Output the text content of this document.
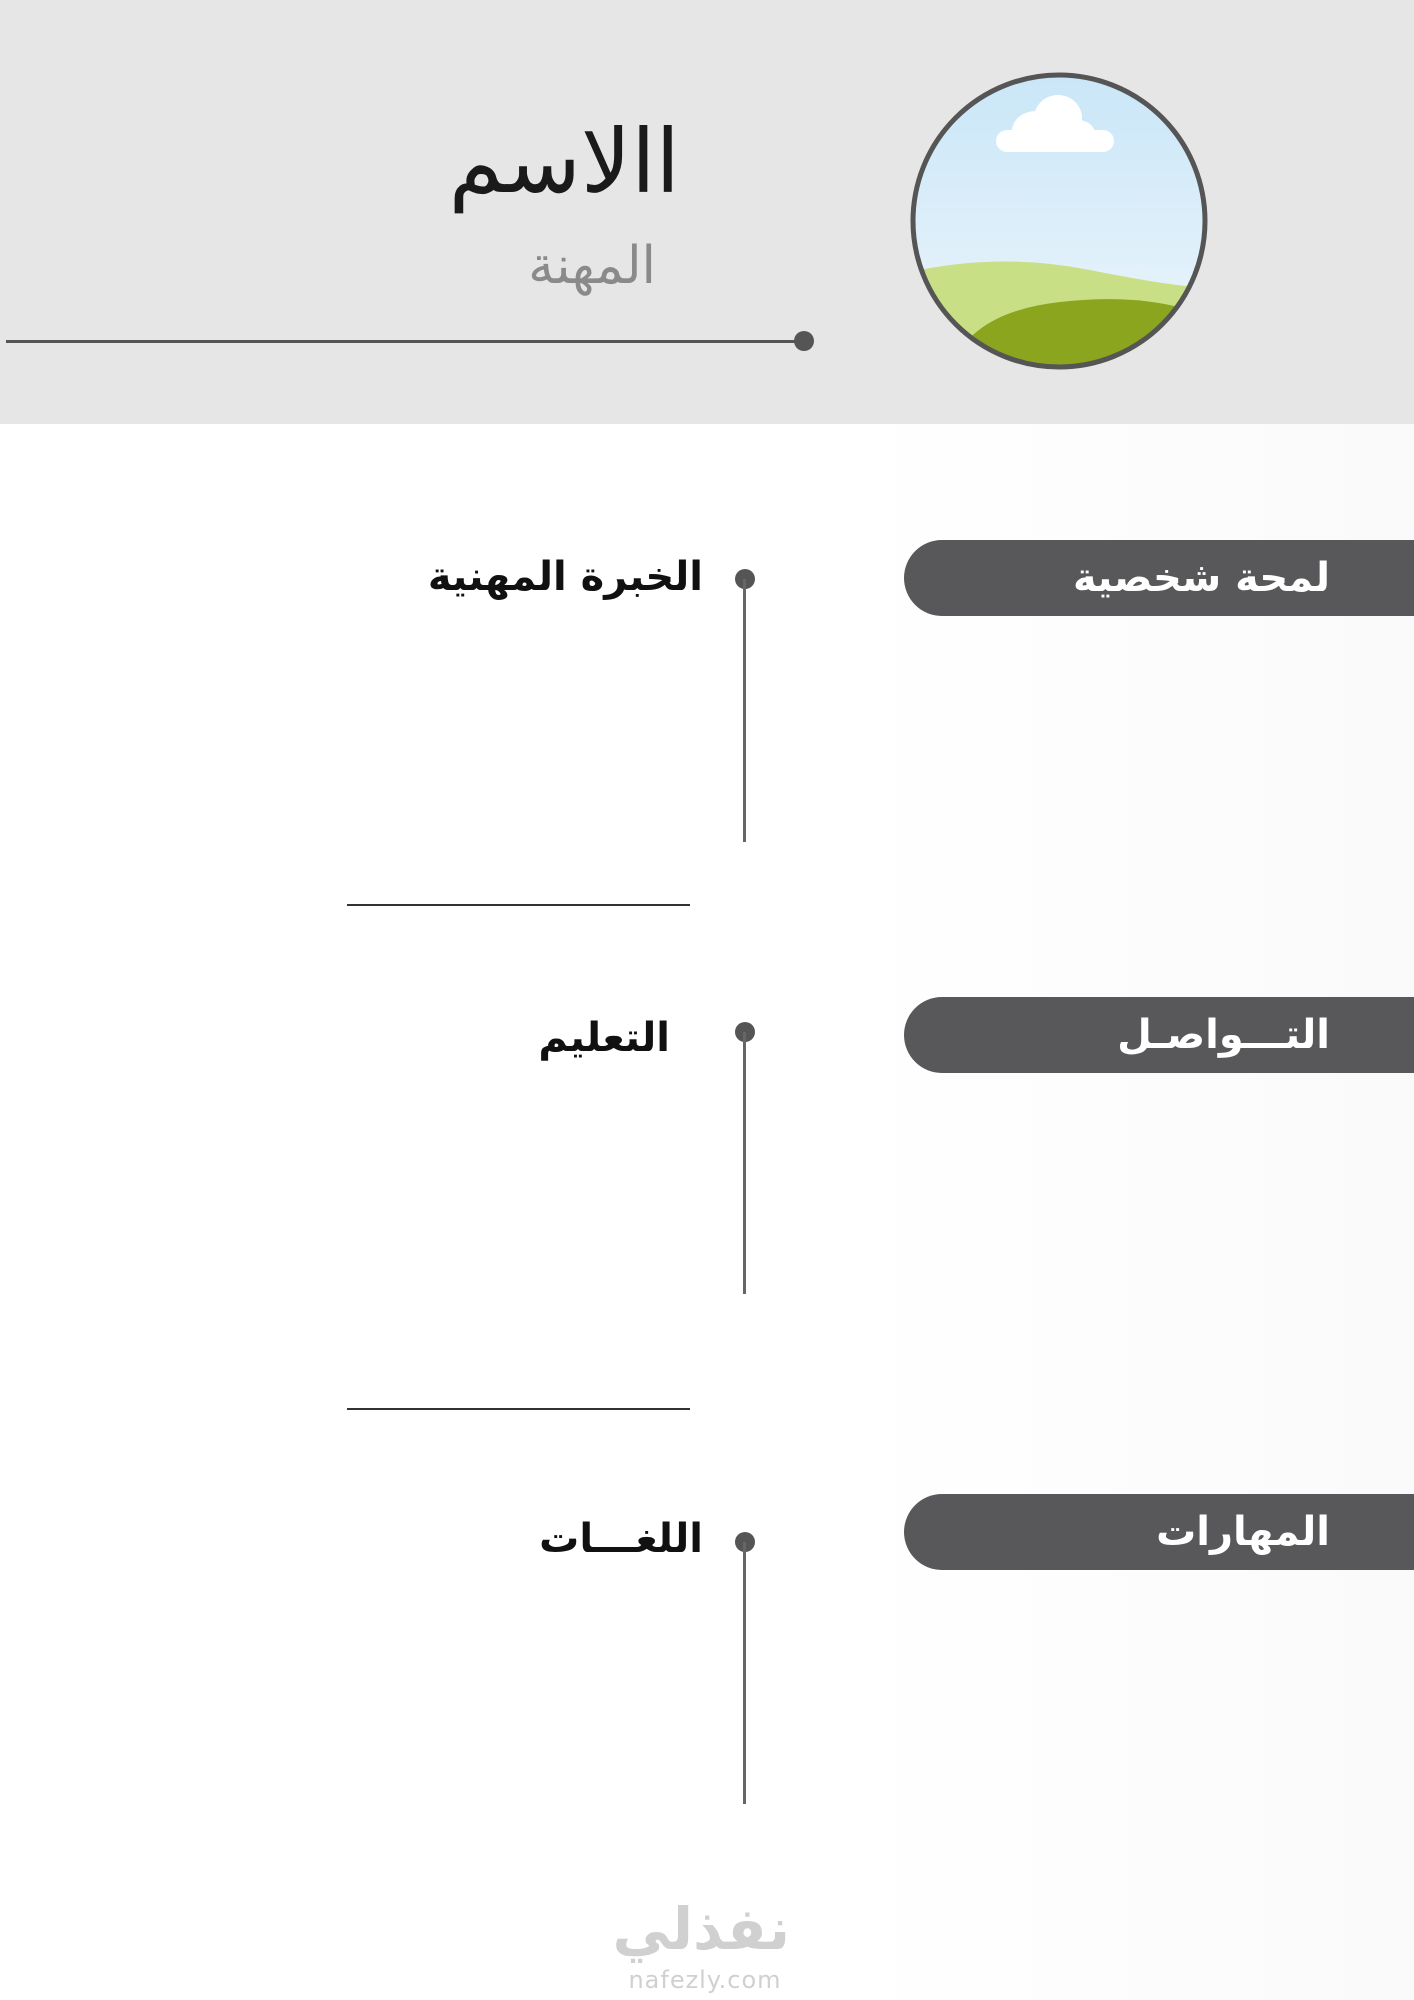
االاسم
المهنة
لمحة شخصية
التـــواصـل
المهارات
الخبرة المهنية
التعليم
اللغـــات
نفذلي
nafezly.com
